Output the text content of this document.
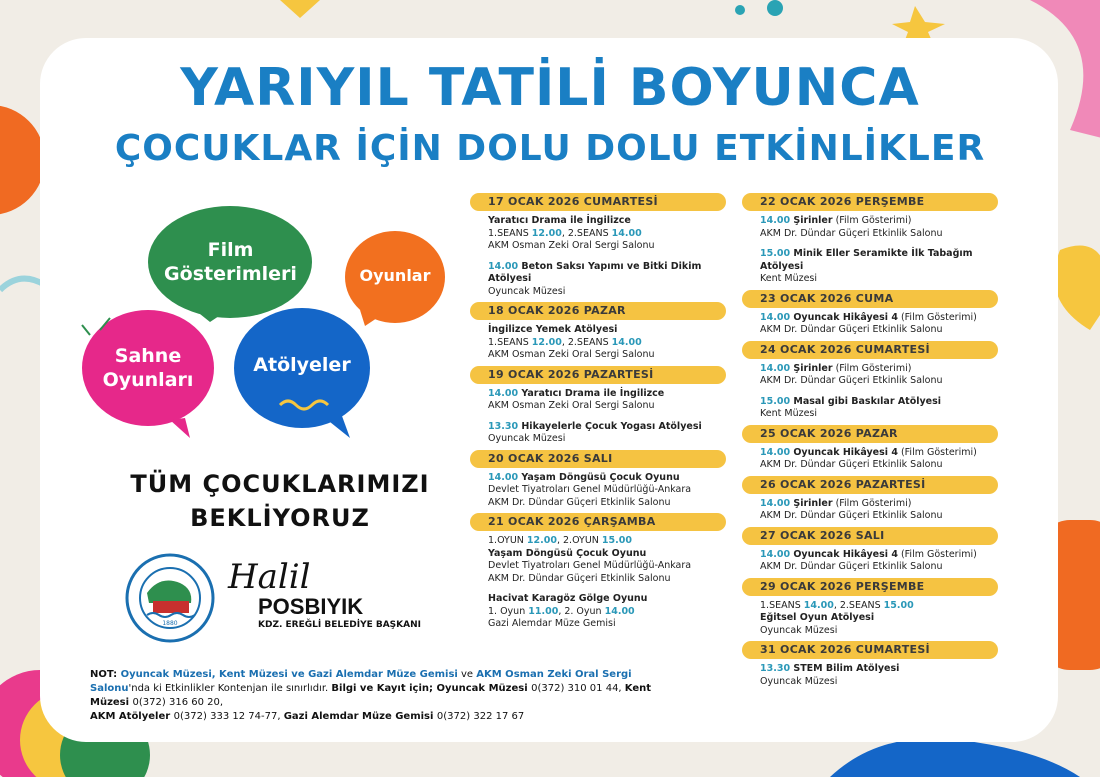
YARIYIL TATİLİ BOYUNCA
ÇOCUKLAR İÇİN DOLU DOLU ETKİNLİKLER
Film Gösterimleri	Oyunlar
Sahne Oyunları
Atölyeler
TÜM ÇOCUKLARIMIZI
BEKLİYORUZ
1880
Halil
POSBIYIK
KDZ. EREĞLİ BELEDİYE BAŞKANI
NOT: Oyuncak Müzesi, Kent Müzesi ve Gazi Alemdar Müze Gemisi ve AKM Osman Zeki Oral Sergi Salonu'nda ki Etkinlikler Kontenjan ile sınırlıdır. Bilgi ve Kayıt için; Oyuncak Müzesi 0(372) 310 01 44, Kent Müzesi 0(372) 316 60 20,
AKM Atölyeler 0(372) 333 12 74-77, Gazi Alemdar Müze Gemisi 0(372) 322 17 67
17 OCAK 2026 CUMARTESİ
Yaratıcı Drama ile İngilizce
1.SEANS 12.00, 2.SEANS 14.00
AKM Osman Zeki Oral Sergi Salonu
14.00 Beton Saksı Yapımı ve Bitki Dikim Atölyesi
Oyuncak Müzesi
18 OCAK 2026 PAZAR
İngilizce Yemek Atölyesi
1.SEANS 12.00, 2.SEANS 14.00
AKM Osman Zeki Oral Sergi Salonu
19 OCAK 2026 PAZARTESİ
14.00 Yaratıcı Drama ile İngilizce
AKM Osman Zeki Oral Sergi Salonu
13.30 Hikayelerle Çocuk Yogası Atölyesi
Oyuncak Müzesi
20 OCAK 2026 SALI
14.00 Yaşam Döngüsü Çocuk Oyunu
Devlet Tiyatroları Genel Müdürlüğü-Ankara
AKM Dr. Dündar Güçeri Etkinlik Salonu
21 OCAK 2026 ÇARŞAMBA
1.OYUN 12.00, 2.OYUN 15.00
Yaşam Döngüsü Çocuk Oyunu
Devlet Tiyatroları Genel Müdürlüğü-Ankara
AKM Dr. Dündar Güçeri Etkinlik Salonu
Hacivat Karagöz Gölge Oyunu
1. Oyun 11.00, 2. Oyun 14.00
Gazi Alemdar Müze Gemisi
22 OCAK 2026 PERŞEMBE
14.00 Şirinler (Film Gösterimi)
AKM Dr. Dündar Güçeri Etkinlik Salonu
15.00 Minik Eller Seramikte İlk Tabağım Atölyesi
Kent Müzesi
23 OCAK 2026 CUMA
14.00 Oyuncak Hikâyesi 4 (Film Gösterimi)
AKM Dr. Dündar Güçeri Etkinlik Salonu
24 OCAK 2026 CUMARTESİ
14.00 Şirinler (Film Gösterimi)
AKM Dr. Dündar Güçeri Etkinlik Salonu
15.00 Masal gibi Baskılar Atölyesi
Kent Müzesi
25 OCAK 2026 PAZAR
14.00 Oyuncak Hikâyesi 4 (Film Gösterimi)
AKM Dr. Dündar Güçeri Etkinlik Salonu
26 OCAK 2026 PAZARTESİ
14.00 Şirinler (Film Gösterimi)
AKM Dr. Dündar Güçeri Etkinlik Salonu
27 OCAK 2026 SALI
14.00 Oyuncak Hikâyesi 4 (Film Gösterimi)
AKM Dr. Dündar Güçeri Etkinlik Salonu
29 OCAK 2026 PERŞEMBE
1.SEANS 14.00, 2.SEANS 15.00
Eğitsel Oyun Atölyesi
Oyuncak Müzesi
31 OCAK 2026 CUMARTESİ
13.30 STEM Bilim Atölyesi
Oyuncak Müzesi
